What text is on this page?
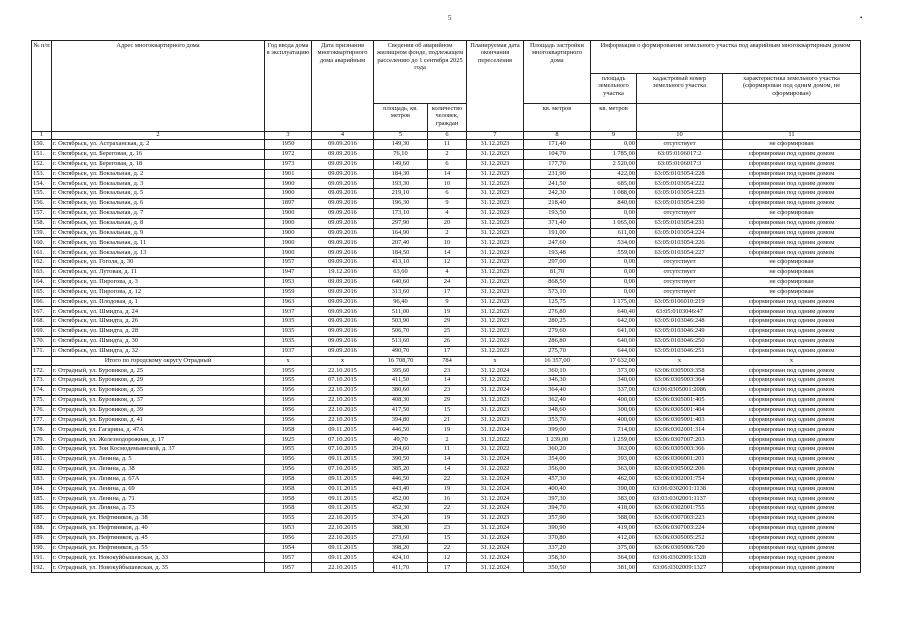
5	•
№ п/п	Адрес многоквартирного дома	Год ввода дома в эксплуатацию	Дата признания многоквартирного дома аварийным	Сведения об аварийном жилищном фонде, подлежащем расселению до 1 сентября 2025 года		Планируемая дата окончания переселения	Площадь застройки многоквартирного дома	Информация о формировании земельного участка под аварийным многоквартирным домом		
								площадь земельного участка	кадастровый номер земельного участка	характеристика земельного участка (сформирован под одним домом, не сформирован)
				площадь, кв. метров	количество человек, граждан		кв. метров	кв. метров		
1	2	3	4	5	6	7	8	9	10	11
150.	г. Октябрьск, ул. Астраханская, д. 2	1950	09.09.2016	149,30	11	31.12.2023	171,40	0,00	отсутствует	не сформирован
151.	г. Октябрьск, ул. Береговая, д. 16	1972	09.09.2016	76,10	2	31.12.2023	104,70	1 785,00	63:05:0106017:2	сформирован под одним домом
152.	г. Октябрьск, ул. Береговая, д. 18	1973	09.09.2016	149,60	6	31.12.2023	177,70	2 520,00	63:05:0106017:3	сформирован под одним домом
153.	г. Октябрьск, ул. Вокзальная, д. 2	1901	09.09.2016	184,30	14	31.12.2023	231,90	422,00	63:05:0103054:228	сформирован под одним домом
154.	г. Октябрьск, ул. Вокзальная, д. 3	1900	09.09.2016	193,30	10	31.12.2023	241,50	685,00	63:05:0103054:222	сформирован под одним домом
155.	г. Октябрьск, ул. Вокзальная, д. 5	1900	09.09.2016	219,10	6	31.12.2023	242,30	1 088,00	63:05:0103054:223	сформирован под одним домом
156.	г. Октябрьск, ул. Вокзальная, д. 6	1897	09.09.2016	196,30	9	31.12.2023	218,40	840,00	63:05:0103054:230	сформирован под одним домом
157.	г. Октябрьск, ул. Вокзальная, д. 7	1900	09.09.2016	173,10	4	31.12.2023	193,50	0,00	отсутствует	не сформирован
158.	г. Октябрьск, ул. Вокзальная, д. 8	1900	09.09.2016	297,90	20	31.12.2023	371,40	1 065,00	63:05:0103054:231	сформирован под одним домом
159.	г. Октябрьск, ул. Вокзальная, д. 9	1900	09.09.2016	164,90	2	31.12.2023	191,00	611,00	63:05:0103054:224	сформирован под одним домом
160.	г. Октябрьск, ул. Вокзальная, д. 11	1900	09.09.2016	207,40	10	31.12.2023	247,60	534,00	63:05:0103054:226	сформирован под одним домом
161.	г. Октябрьск, ул. Вокзальная, д. 13	1900	09.09.2016	184,50	14	31.12.2023	193,48	559,00	63:05:0103054:227	сформирован под одним домом
162.	г. Октябрьск, ул. Гоголя, д. 30	1957	09.09.2016	413,10	12	31.12.2023	297,00	0,00	отсутствует	не сформирован
163.	г. Октябрьск, ул. Лутовая, д. 11	1947	19.12.2016	63,60	4	31.12.2023	81,70	0,00	отсутствует	не сформирован
164.	г. Октябрьск, ул. Пирогова, д. 3	1953	09.09.2016	640,60	24	31.12.2023	868,50	0,00	отсутствует	не сформирован
165.	г. Октябрьск, ул. Пирогова, д. 12	1959	09.09.2016	313,60	17	31.12.2023	573,10	0,00	отсутствует	не сформирован
166.	г. Октябрьск, ул. Плодовая, д. 1	1963	09.09.2016	96,40	9	31.12.2023	125,75	1 175,00	63:05:0106010:219	сформирован под одним домом
167.	г. Октябрьск, ул. Шмидта, д. 24	1937	09.09.2016	511,00	19	31.12.2023	276,80	640,40	63:05:0103046:47	сформирован под одним домом
168.	г. Октябрьск, ул. Шмидта, д. 26	1935	09.09.2016	503,90	29	31.12.2023	280,25	642,00	63:05:0103046:248	сформирован под одним домом
169.	г. Октябрьск, ул. Шмидта, д. 28	1935	09.09.2016	506,70	25	31.12.2023	279,60	641,00	63:05:0103046:249	сформирован под одним домом
170.	г. Октябрьск, ул. Шмидта, д. 30	1935	09.09.2016	513,60	26	31.12.2023	286,80	640,00	63:05:0103046:250	сформирован под одним домом
171.	г. Октябрьск, ул. Шмидта, д. 32	1937	09.09.2016	490,70	17	31.12.2023	275,70	644,00	63:05:0103046:251	сформирован под одним домом
	Итого по городскому округу Отрадный	x	x	16 708,70	784	x	16 357,00	17 632,00	x	x
172.	г. Отрадный, ул. Буровиков, д. 25	1955	22.10.2015	395,60	23	31.12.2024	360,10	373,00	63:06:0305003:358	сформирован под одним домом
173.	г. Отрадный, ул. Буровиков, д. 29	1955	07.10.2015	411,50	14	31.12.2022	346,30	340,00	63:06:0305003:364	сформирован под одним домом
174.	г. Отрадный, ул. Буровиков, д. 35	1956	22.10.2015	380,60	23	31.12.2024	364,40	337,00	63:06:0305001:2086	сформирован под одним домом
175.	г. Отрадный, ул. Буровиков, д. 37	1956	22.10.2015	408,30	29	31.12.2023	362,40	400,00	63:06:0305001:405	сформирован под одним домом
176.	г. Отрадный, ул. Буровиков, д. 39	1956	22.10.2015	417,50	15	31.12.2023	348,60	300,00	63:06:0305001:404	сформирован под одним домом
177.	г. Отрадный, ул. Буровиков, д. 41	1956	22.10.2015	394,80	21	31.12.2023	353,70	400,00	63:06:0305001:403	сформирован под одним домом
178.	г. Отрадный, ул. Гагарина, д. 47А	1958	09.11.2015	446,50	19	31.12.2024	399,00	714,00	63:06:0302001:314	сформирован под одним домом
179.	г. Отрадный, ул. Железнодорожная, д. 17	1925	07.10.2015	49,70	2	31.12.2022	1 239,00	1 259,00	63:06:0307007:203	сформирован под одним домом
180.	г. Отрадный, ул. Зои Космодемьянской, д. 37	1955	07.10.2015	204,60	11	31.12.2022	360,20	363,00	63:06:0305003:366	сформирован под одним домом
181.	г. Отрадный, ул. Ленина, д. 5	1956	09.11.2015	390,50	14	31.12.2024	354,00	393,00	63:06:0306001:201	сформирован под одним домом
182.	г. Отрадный, ул. Ленина, д. 38	1956	07.10.2015	385,20	14	31.12.2022	356,00	363,00	63:06:0305002:206	сформирован под одним домом
183.	г. Отрадный, ул. Ленина, д. 67А	1958	09.11.2015	446,50	22	31.12.2024	457,30	462,00	63:06:0302001:754	сформирован под одним домом
184.	г. Отрадный, ул. Ленина, д. 69	1958	09.11.2015	443,40	19	31.12.2024	400,40	390,00	63:06:0302001:1138	сформирован под одним домом
185.	г. Отрадный, ул. Ленина, д. 71	1958	09.11.2015	452,00	16	31.12.2024	397,30	383,00	63:03:0302001:1137	сформирован под одним домом
186.	г. Отрадный, ул. Ленина, д. 73	1958	09.11.2015	452,30	22	31.12.2024	394,70	418,00	63:06:0302001:755	сформирован под одним домом
187.	г. Отрадный, ул. Нефтяников, д. 38	1955	22.10.2015	374,20	19	31.12.2023	357,90	388,00	63:06:0307003:223	сформирован под одним домом
188.	г. Отрадный, ул. Нефтяников, д. 40	1953	22.10.2015	388,30	23	31.12.2024	390,90	419,00	63:06:0307003:224	сформирован под одним домом
189.	г. Отрадный, ул. Нефтяников, д. 45	1956	22.10.2015	273,60	15	31.12.2024	370,80	412,00	63:06:0305005:252	сформирован под одним домом
190.	г. Отрадный, ул. Нефтяников, д. 55	1954	09.11.2015	398,20	22	31.12.2024	337,20	375,00	63:06:0305006:720	сформирован под одним домом
191.	г. Отрадный, ул. Новокуйбышевская, д. 33	1957	09.11.2015	424,10	12	31.12.2024	358,30	364,00	63:06:0302009:1328	сформирован под одним домом
192.	г. Отрадный, ул. Новокуйбышевская, д. 35	1957	22.10.2015	411,70	17	31.12.2024	350,50	381,00	63:06:0302009:1327	сформирован под одним домом
